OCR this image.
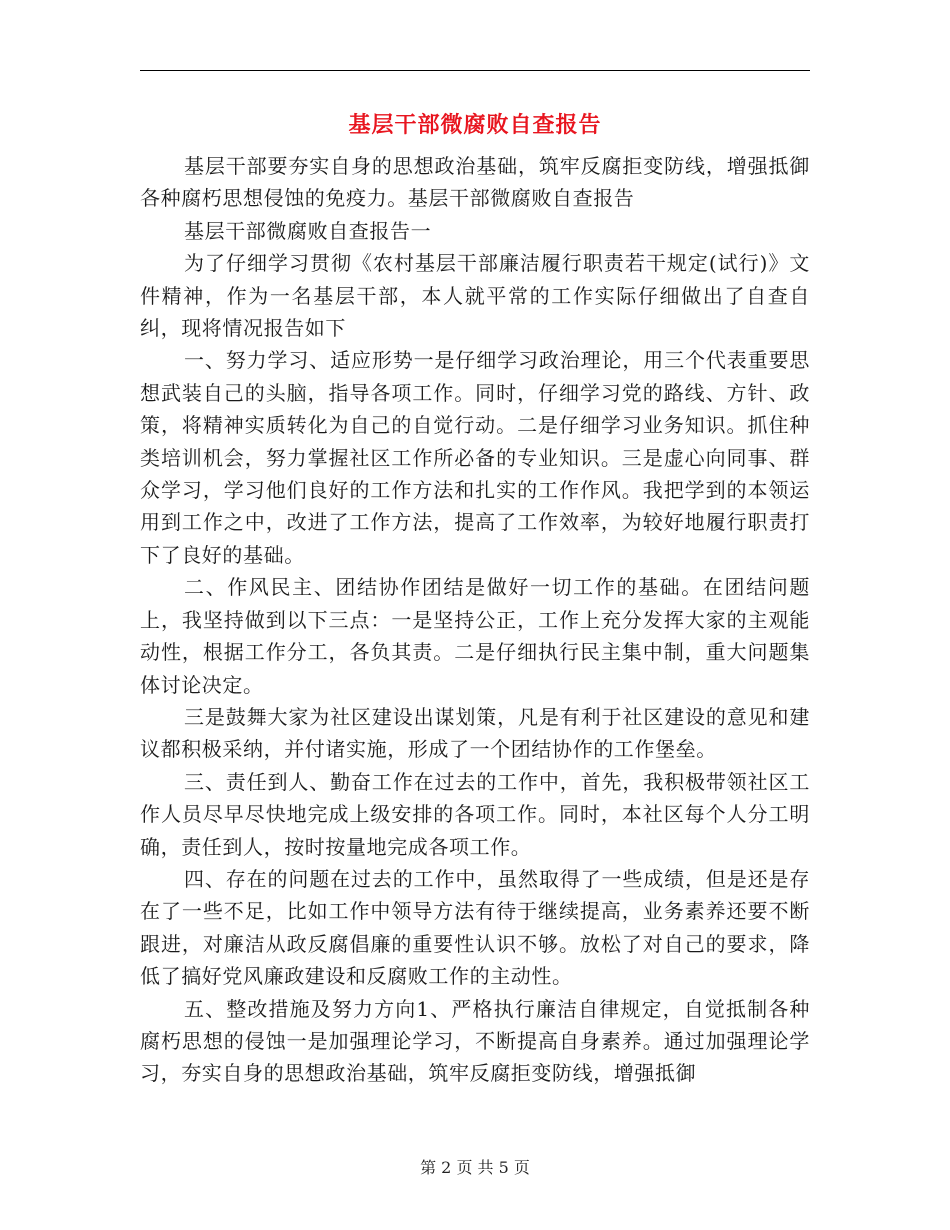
基层干部微腐败自查报告

基层干部要夯实自身的思想政治基础，筑牢反腐拒变防线，增强抵御各种腐朽思想侵蚀的免疫力。基层干部微腐败自查报告

基层干部微腐败自查报告一

为了仔细学习贯彻《农村基层干部廉洁履行职责若干规定(试行)》文件精神，作为一名基层干部，本人就平常的工作实际仔细做出了自查自纠，现将情况报告如下

一、努力学习、适应形势一是仔细学习政治理论，用三个代表重要思想武装自己的头脑，指导各项工作。同时，仔细学习党的路线、方针、政策，将精神实质转化为自己的自觉行动。二是仔细学习业务知识。抓住种类培训机会，努力掌握社区工作所必备的专业知识。三是虚心向同事、群众学习，学习他们良好的工作方法和扎实的工作作风。我把学到的本领运用到工作之中，改进了工作方法，提高了工作效率，为较好地履行职责打下了良好的基础。

二、作风民主、团结协作团结是做好一切工作的基础。在团结问题上，我坚持做到以下三点：一是坚持公正，工作上充分发挥大家的主观能动性，根据工作分工，各负其责。二是仔细执行民主集中制，重大问题集体讨论决定。

三是鼓舞大家为社区建设出谋划策，凡是有利于社区建设的意见和建议都积极采纳，并付诸实施，形成了一个团结协作的工作堡垒。

三、责任到人、勤奋工作在过去的工作中，首先，我积极带领社区工作人员尽早尽快地完成上级安排的各项工作。同时，本社区每个人分工明确，责任到人，按时按量地完成各项工作。

四、存在的问题在过去的工作中，虽然取得了一些成绩，但是还是存在了一些不足，比如工作中领导方法有待于继续提高，业务素养还要不断跟进，对廉洁从政反腐倡廉的重要性认识不够。放松了对自己的要求，降低了搞好党风廉政建设和反腐败工作的主动性。

五、整改措施及努力方向1、严格执行廉洁自律规定，自觉抵制各种腐朽思想的侵蚀一是加强理论学习，不断提高自身素养。通过加强理论学习，夯实自身的思想政治基础，筑牢反腐拒变防线，增强抵御

第 2 页 共 5 页
